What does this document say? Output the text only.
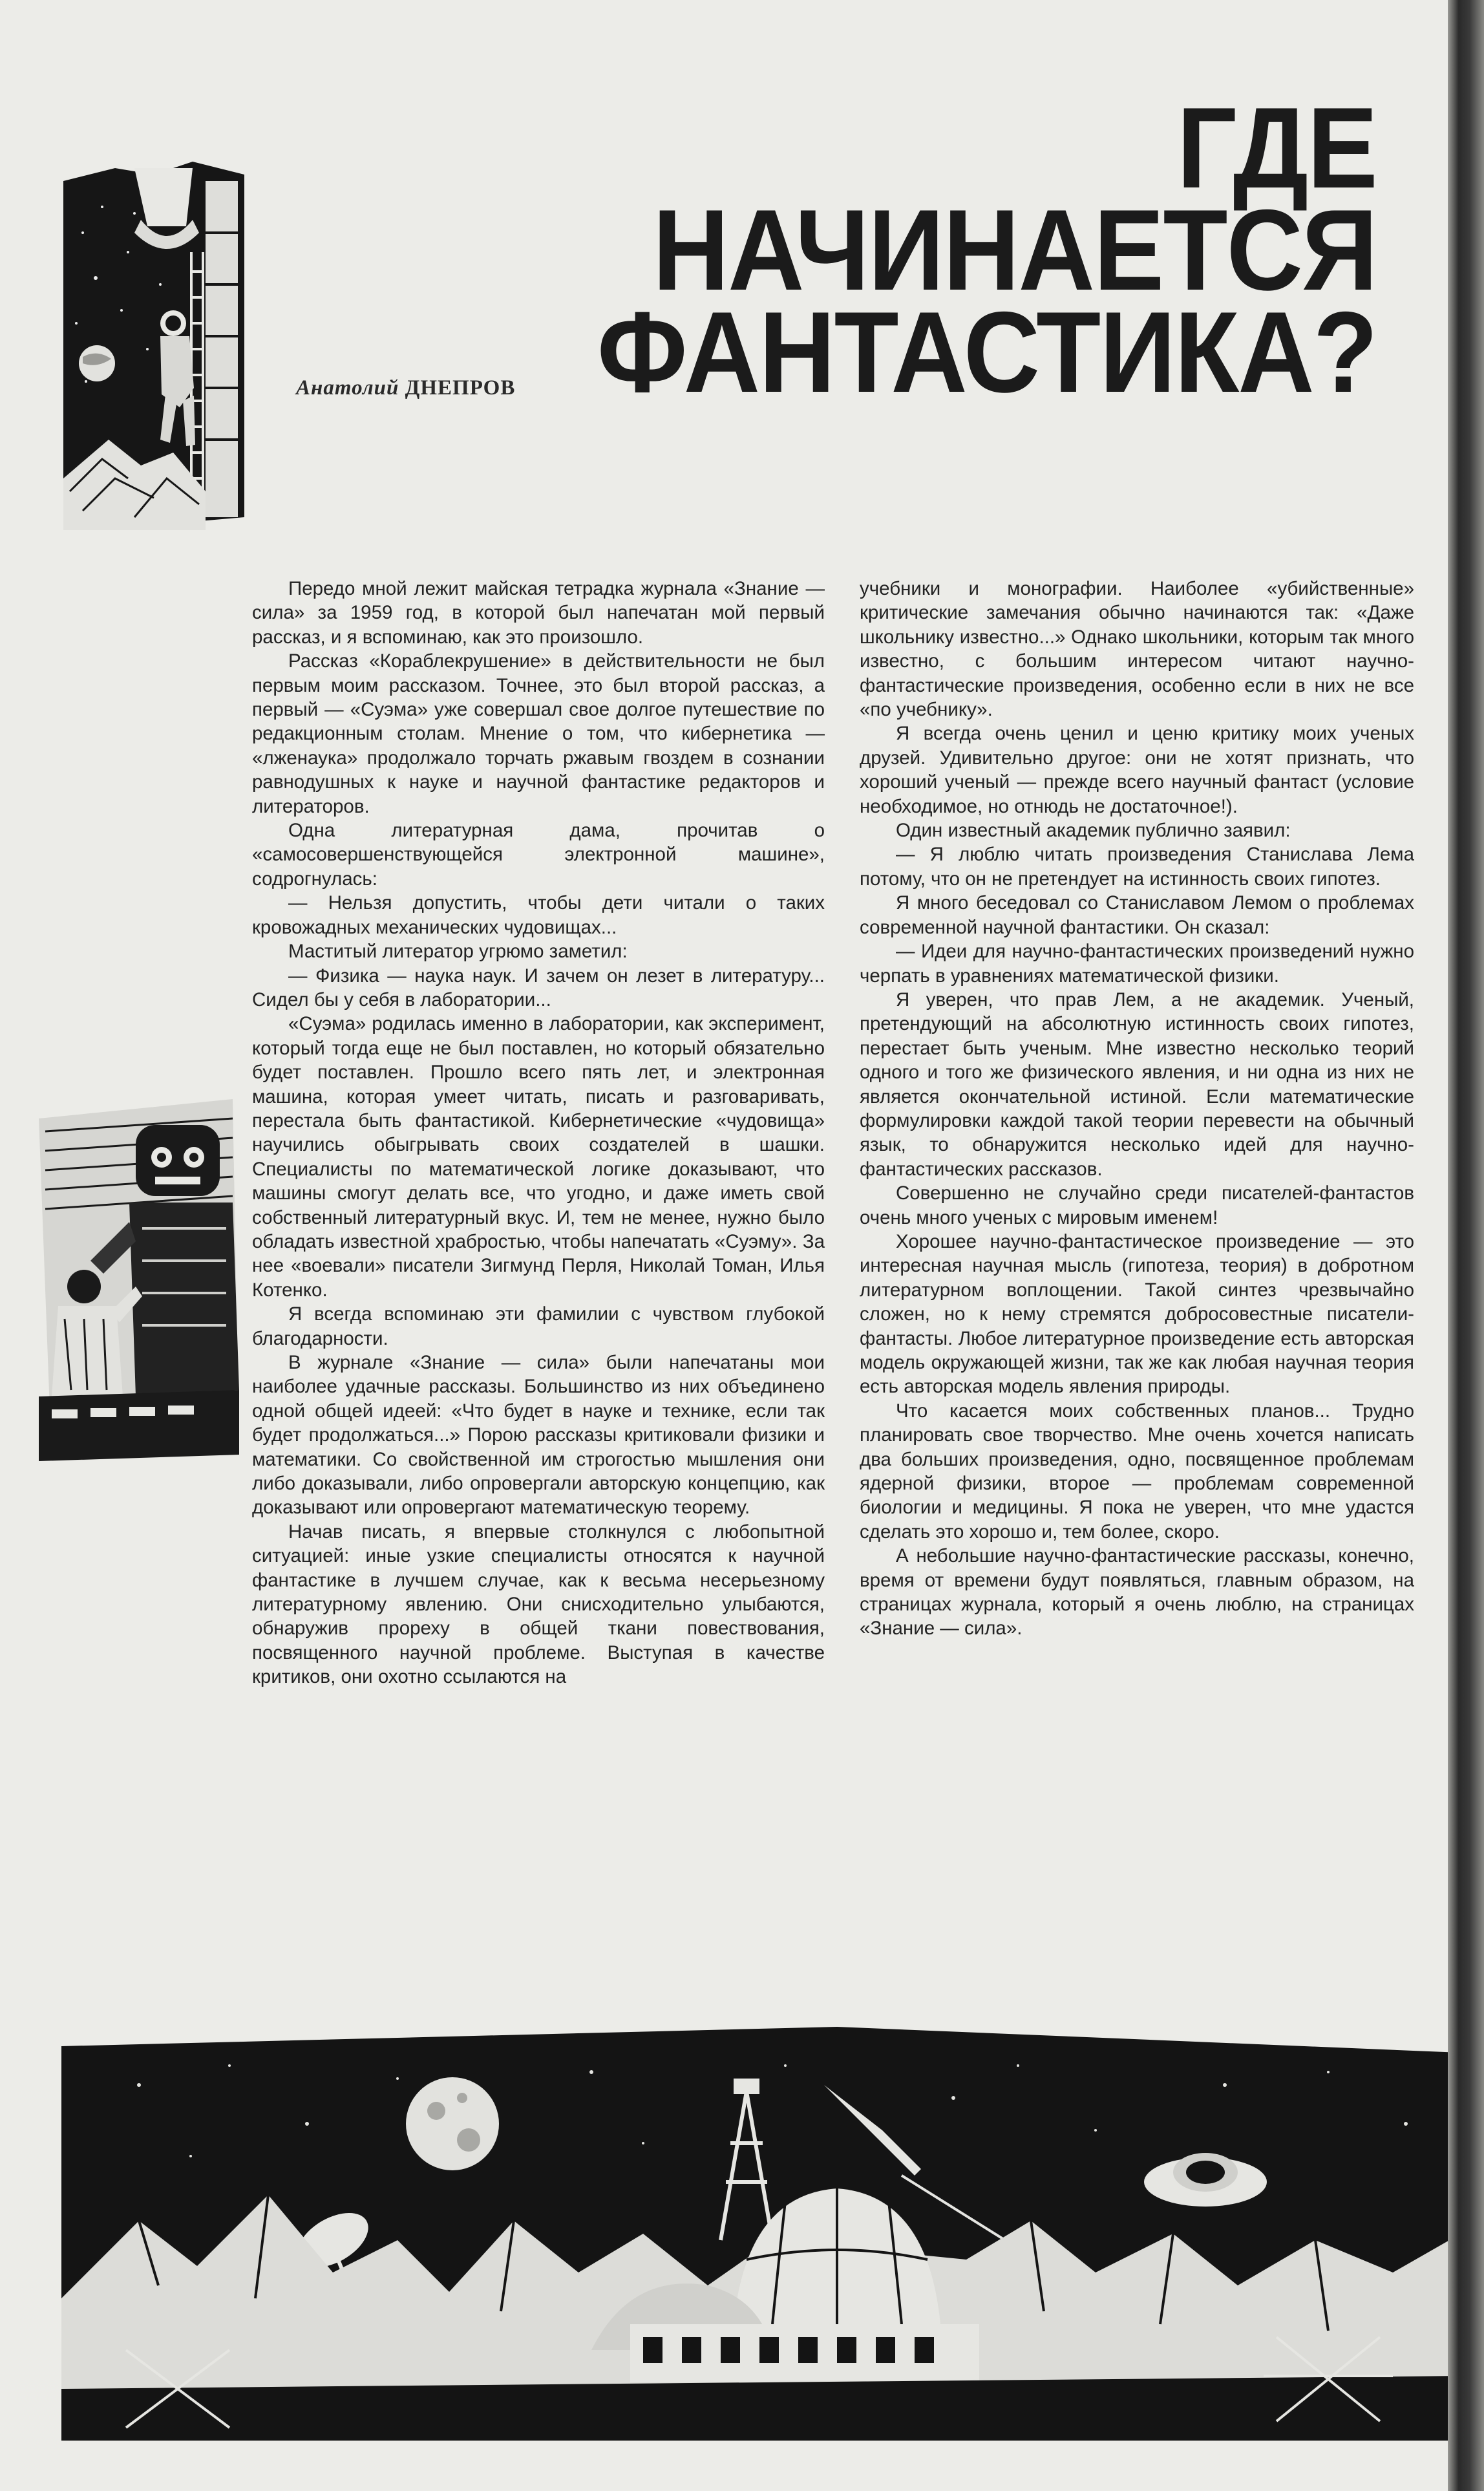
ГДЕ
НАЧИНАЕТСЯ
ФАНТАСТИКА?
Анатолий ДНЕПРОВ

Передо мной лежит майская тетрадка журнала «Знание — сила» за 1959 год, в которой был напечатан мой первый рассказ, и я вспоминаю, как это произошло.

Рассказ «Кораблекрушение» в действительности не был первым моим рассказом. Точнее, это был второй рассказ, а первый — «Суэма» уже совершал свое долгое путешествие по редакционным столам. Мнение о том, что кибернетика — «лженаука» продолжало торчать ржавым гвоздем в сознании равнодушных к науке и научной фантастике редакторов и литераторов.

Одна литературная дама, прочитав о «самосовершенствующейся электронной машине», содрогнулась:

— Нельзя допустить, чтобы дети читали о таких кровожадных механических чудовищах...

Маститый литератор угрюмо заметил:

— Физика — наука наук. И зачем он лезет в литературу... Сидел бы у себя в лаборатории...

«Суэма» родилась именно в лаборатории, как эксперимент, который тогда еще не был поставлен, но который обязательно будет поставлен. Прошло всего пять лет, и электронная машина, которая умеет читать, писать и разговаривать, перестала быть фантастикой. Кибернетические «чудовища» научились обыгрывать своих создателей в шашки. Специалисты по математической логике доказывают, что машины смогут делать все, что угодно, и даже иметь свой собственный литературный вкус. И, тем не менее, нужно было обладать известной храбростью, чтобы напечатать «Суэму». За нее «воевали» писатели Зигмунд Перля, Николай Томан, Илья Котенко.

Я всегда вспоминаю эти фамилии с чувством глубокой благодарности.

В журнале «Знание — сила» были напечатаны мои наиболее удачные рассказы. Большинство из них объединено одной общей идеей: «Что будет в науке и технике, если так будет продолжаться...» Порою рассказы критиковали физики и математики. Со свойственной им строгостью мышления они либо доказывали, либо опровергали авторскую концепцию, как доказывают или опровергают математическую теорему.

Начав писать, я впервые столкнулся с любопытной ситуацией: иные узкие специалисты относятся к научной фантастике в лучшем случае, как к весьма несерьезному литературному явлению. Они снисходительно улыбаются, обнаружив прореху в общей ткани повествования, посвященного научной проблеме. Выступая в качестве критиков, они охотно ссылаются на

учебники и монографии. Наиболее «убийственные» критические замечания обычно начинаются так: «Даже школьнику известно...» Однако школьники, которым так много известно, с большим интересом читают научно-фантастические произведения, особенно если в них не все «по учебнику».

Я всегда очень ценил и ценю критику моих ученых друзей. Удивительно другое: они не хотят признать, что хороший ученый — прежде всего научный фантаст (условие необходимое, но отнюдь не достаточное!).

Один известный академик публично заявил:

— Я люблю читать произведения Станислава Лема потому, что он не претендует на истинность своих гипотез.

Я много беседовал со Станиславом Лемом о проблемах современной научной фантастики. Он сказал:

— Идеи для научно-фантастических произведений нужно черпать в уравнениях математической физики.

Я уверен, что прав Лем, а не академик. Ученый, претендующий на абсолютную истинность своих гипотез, перестает быть ученым. Мне известно несколько теорий одного и того же физического явления, и ни одна из них не является окончательной истиной. Если математические формулировки каждой такой теории перевести на обычный язык, то обнаружится несколько идей для научно-фантастических рассказов.

Совершенно не случайно среди писателей-фантастов очень много ученых с мировым именем!

Хорошее научно-фантастическое произведение — это интересная научная мысль (гипотеза, теория) в добротном литературном воплощении. Такой синтез чрезвычайно сложен, но к нему стремятся добросовестные писатели-фантасты. Любое литературное произведение есть авторская модель окружающей жизни, так же как любая научная теория есть авторская модель явления природы.

Что касается моих собственных планов... Трудно планировать свое творчество. Мне очень хочется написать два больших произведения, одно, посвященное проблемам ядерной физики, второе — проблемам современной биологии и медицины. Я пока не уверен, что мне удастся сделать это хорошо и, тем более, скоро.

А небольшие научно-фантастические рассказы, конечно, время от времени будут появляться, главным образом, на страницах журнала, который я очень люблю, на страницах «Знание — сила».
